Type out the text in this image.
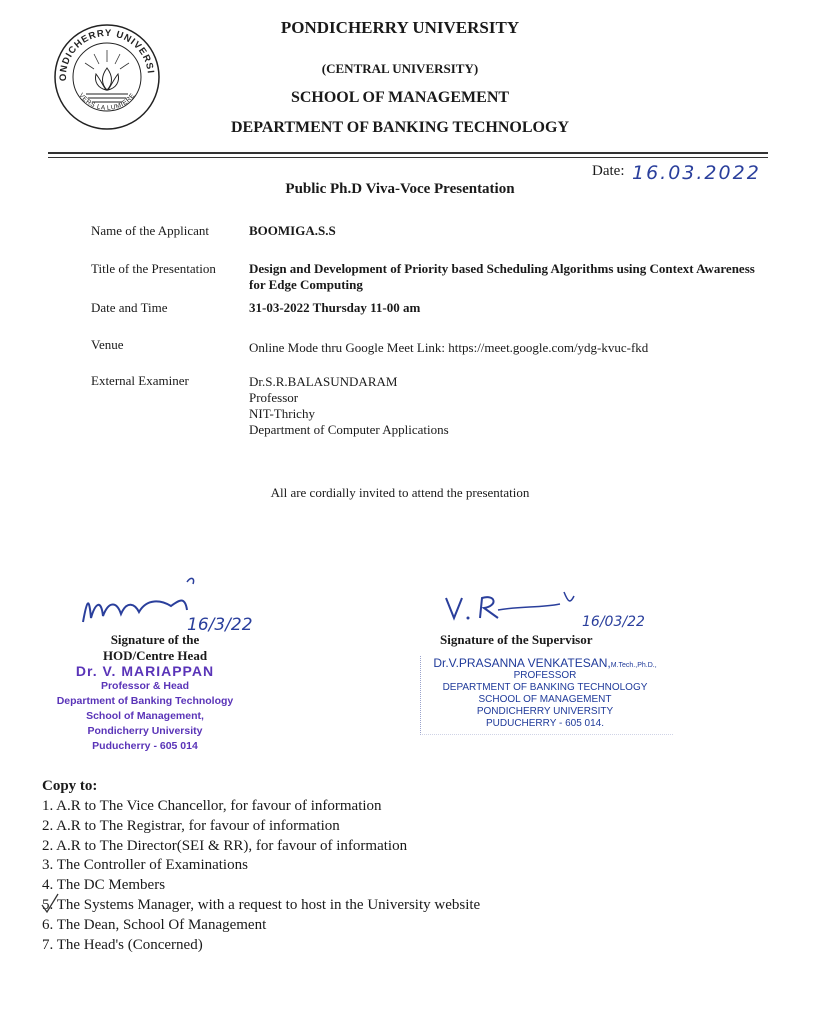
ONDICHERRY UNIVERSI
VERS LA LUMIERE
PONDICHERRY UNIVERSITY
(CENTRAL UNIVERSITY)
SCHOOL OF MANAGEMENT
DEPARTMENT OF BANKING TECHNOLOGY
Date: 16.03.2022
Public Ph.D Viva-Voce Presentation
Name of the Applicant	BOOMIGA.S.S
Title of the Presentation	Design and Development of Priority based Scheduling Algorithms using Context Awareness for Edge Computing
Date and Time	31-03-2022 Thursday 11-00 am
Venue	Online Mode thru Google Meet Link: https://meet.google.com/ydg-kvuc-fkd
External Examiner	Dr.S.R.BALASUNDARAM
Professor
NIT-Thrichy
Department of Computer Applications
All are cordially invited to attend the presentation
16/3/22
Signature of the
HOD/Centre Head
Dr. V. MARIAPPAN
Professor & Head
Department of Banking Technology
School of Management,
Pondicherry University
Puducherry - 605 014
16/03/22
Signature of the Supervisor
Dr.V.PRASANNA VENKATESAN,M.Tech.,Ph.D.,
PROFESSOR
DEPARTMENT OF BANKING TECHNOLOGY
SCHOOL OF MANAGEMENT
PONDICHERRY UNIVERSITY
PUDUCHERRY - 605 014.
Copy to:
1. A.R to The Vice Chancellor, for favour of information
2. A.R to The Registrar, for favour of information
2. A.R to The Director(SEI & RR), for favour of information
3. The Controller of Examinations
4. The DC Members
5. The Systems Manager, with a request to host in the University website
6. The Dean, School Of Management
7. The Head's (Concerned)
